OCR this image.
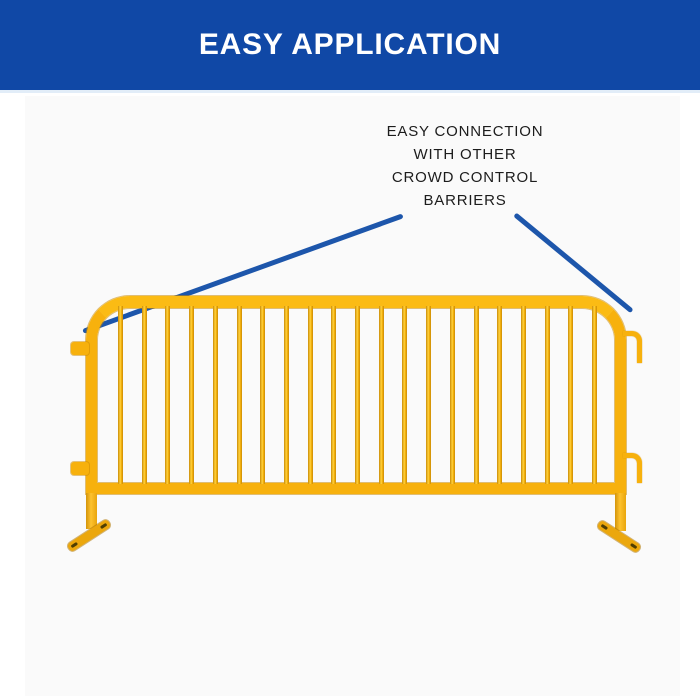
EASY APPLICATION
EASY CONNECTION
WITH OTHER
CROWD CONTROL
BARRIERS
